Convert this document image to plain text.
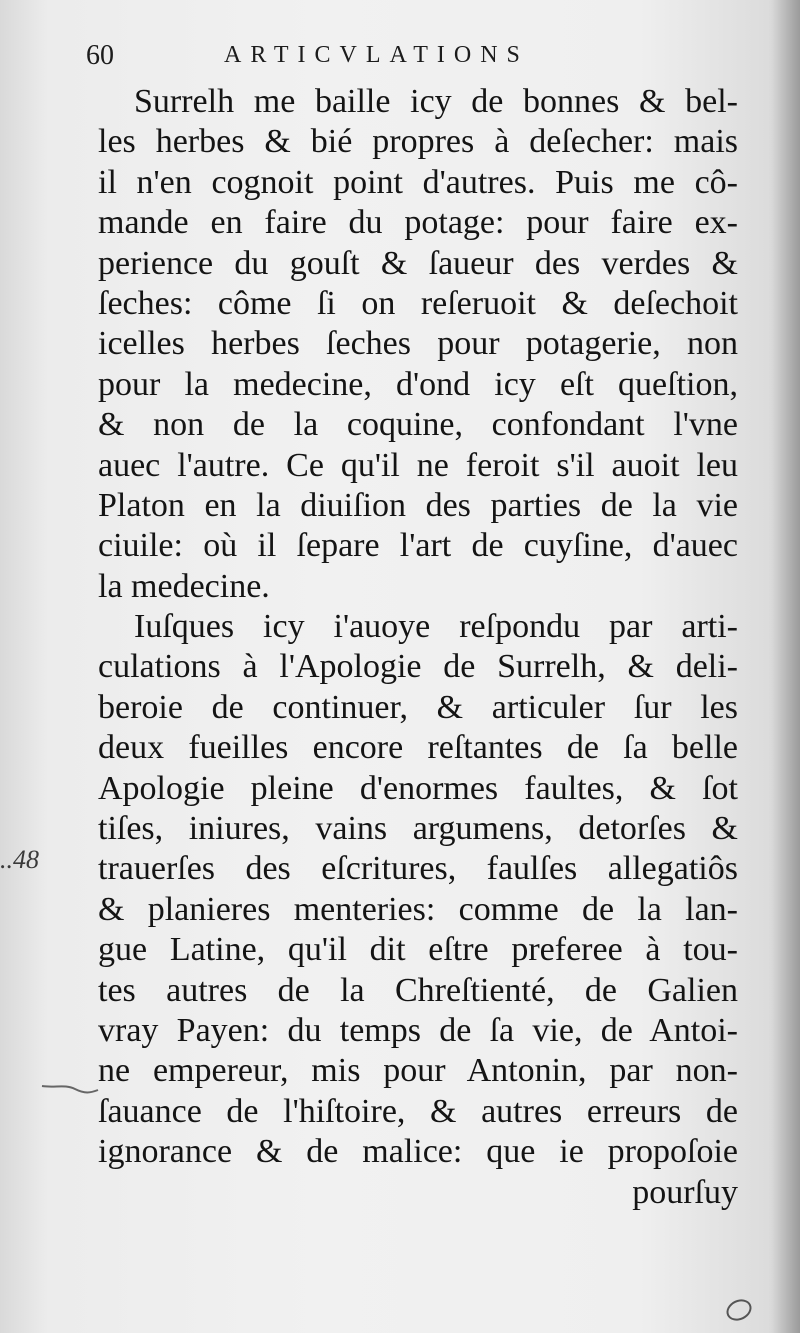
60	ARTICVLATIONS
..48
Surrelh me baille icy de bonnes & bel-
les herbes & bié propres à deſecher: mais
il n'en cognoit point d'autres. Puis me cô-
mande en faire du potage: pour faire ex-
perience du gouſt & ſaueur des verdes &
ſeches: côme ſi on reſeruoit & deſechoit
icelles herbes ſeches pour potagerie, non
pour la medecine, d'ond icy eſt queſtion,
& non de la coquine, confondant l'vne
auec l'autre. Ce qu'il ne feroit s'il auoit leu
Platon en la diuiſion des parties de la vie
ciuile: où il ſepare l'art de cuyſine, d'auec
la medecine.
Iuſques icy i'auoye reſpondu par arti-
culations à l'Apologie de Surrelh, & deli-
beroie de continuer, & articuler ſur les
deux fueilles encore reſtantes de ſa belle
Apologie pleine d'enormes faultes, & ſot
tiſes, iniures, vains argumens, detorſes &
trauerſes des eſcritures, faulſes allegatiôs
& planieres menteries: comme de la lan-
gue Latine, qu'il dit eſtre preferee à tou-
tes autres de la Chreſtienté, de Galien
vray Payen: du temps de ſa vie, de Antoi-
ne empereur, mis pour Antonin, par non-
ſauance de l'hiſtoire, & autres erreurs de
ignorance & de malice: que ie propoſoie
pourſuy
